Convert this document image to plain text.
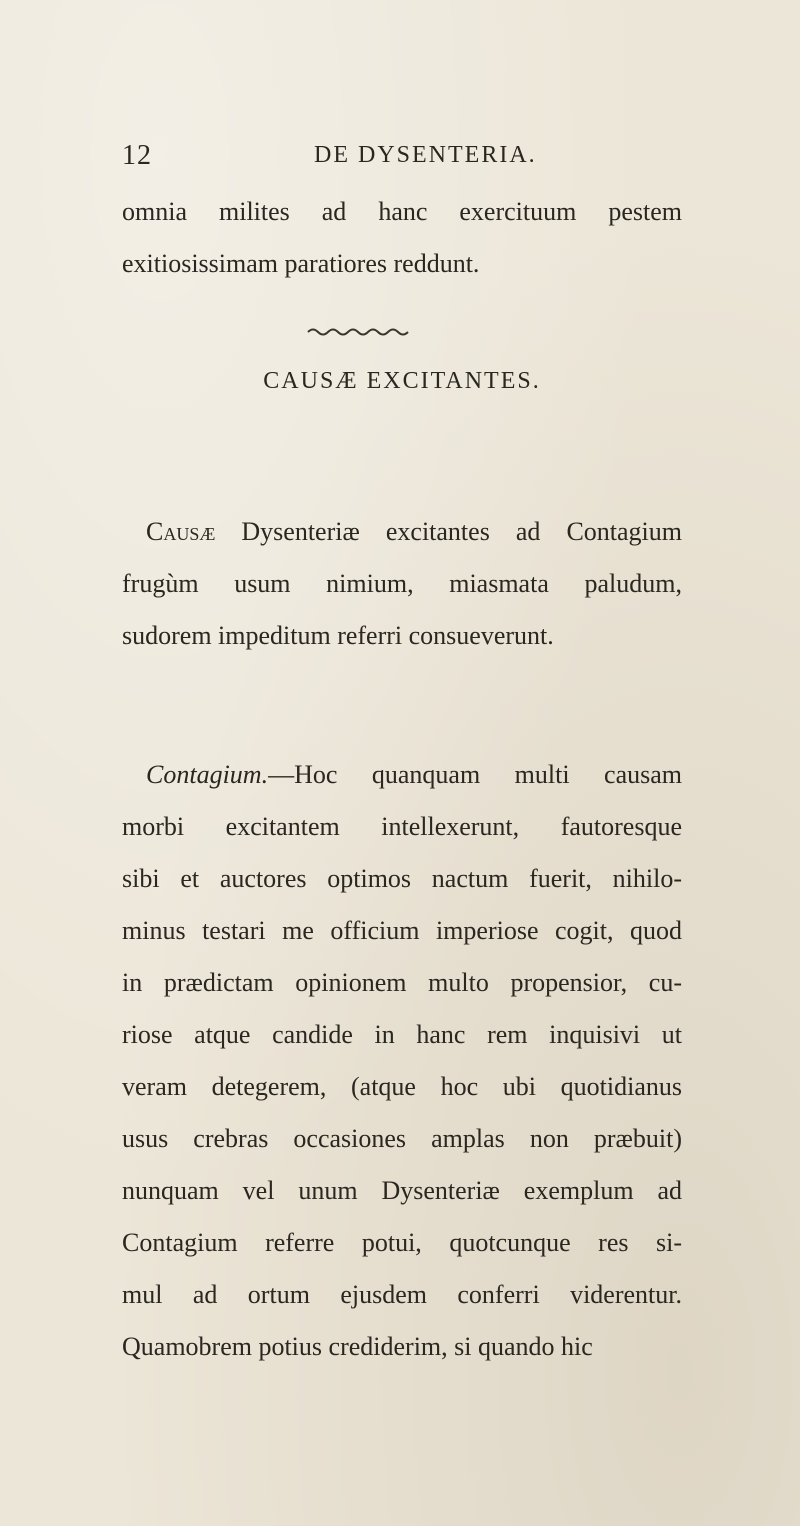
12	DE DYSENTERIA.
omnia milites ad hanc exercituum pestem
exitiosissimam paratiores reddunt.
CAUSÆ EXCITANTES.
Causæ Dysenteriæ excitantes ad Contagium
frugùm usum nimium, miasmata paludum,
sudorem impeditum referri consueverunt.
Contagium.—Hoc quanquam multi causam
morbi excitantem intellexerunt, fautoresque
sibi et auctores optimos nactum fuerit, nihilo-
minus testari me officium imperiose cogit, quod
in prædictam opinionem multo propensior, cu-
riose atque candide in hanc rem inquisivi ut
veram detegerem, (atque hoc ubi quotidianus
usus crebras occasiones amplas non præbuit)
nunquam vel unum Dysenteriæ exemplum ad
Contagium referre potui, quotcunque res si-
mul ad ortum ejusdem conferri viderentur.
Quamobrem potius crediderim, si quando hic
